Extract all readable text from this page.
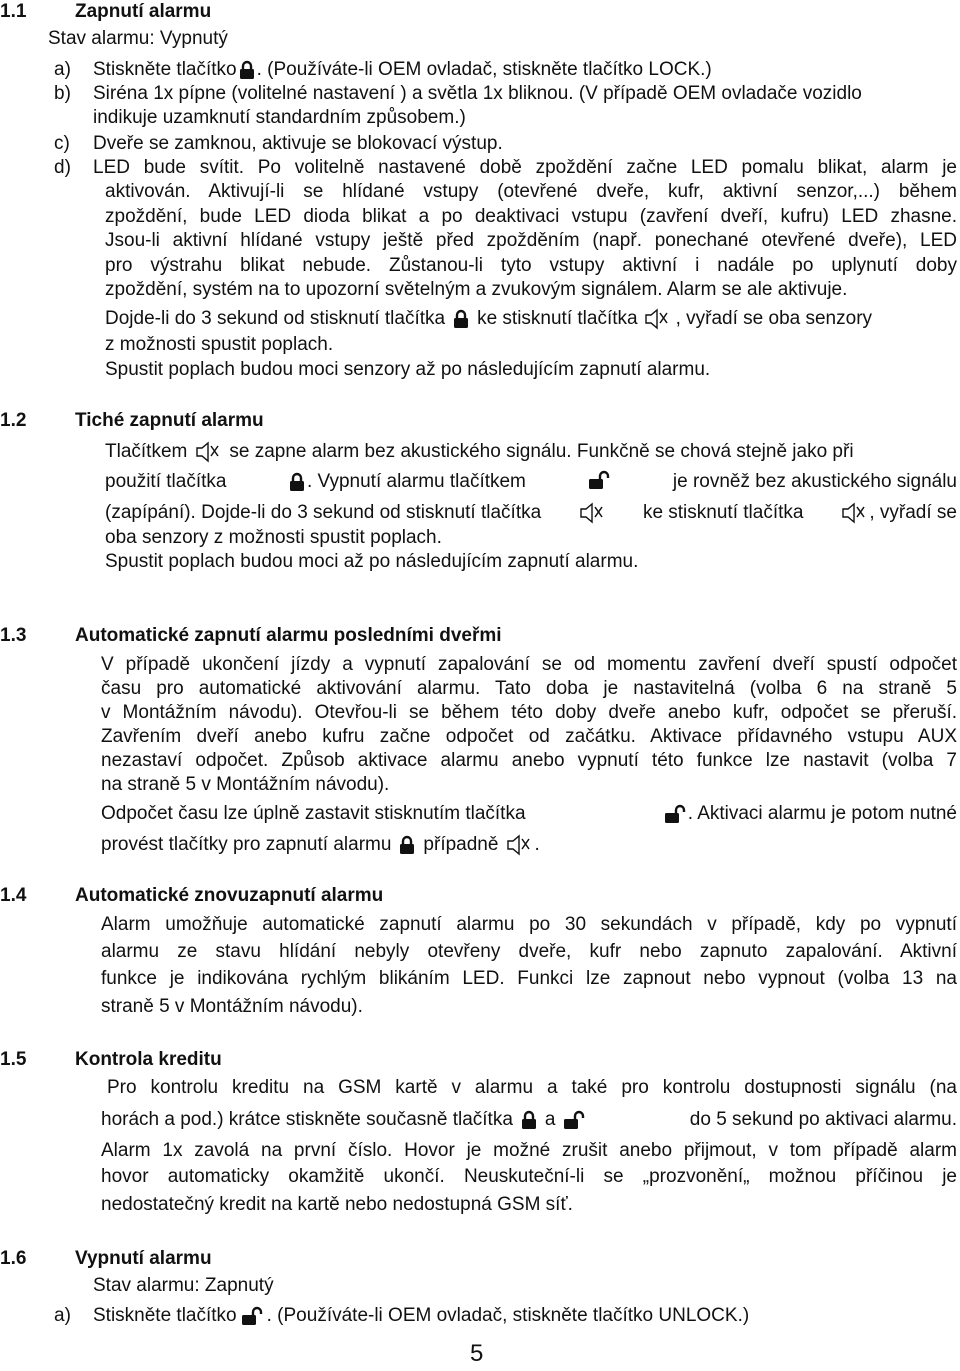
1.1	Zapnutí alarmu
Stav alarmu: Vypnutý
a) Stiskněte tlačítko . (Používáte-li OEM ovladač, stiskněte tlačítko LOCK.)
b) Siréna 1x pípne (volitelné nastavení ) a světla 1x bliknou. (V případě OEM ovladače vozidlo
indikuje uzamknutí standardním způsobem.)
c) Dveře se zamknou, aktivuje se blokovací výstup.
d) LED bude svítit. Po volitelně nastavené době zpoždění začne LED pomalu blikat, alarm je
aktivován. Aktivují-li se hlídané vstupy (otevřené dveře, kufr, aktivní senzor,...) během
zpoždění, bude LED dioda blikat a po deaktivaci vstupu (zavření dveří, kufru) LED zhasne.
Jsou-li aktivní hlídané vstupy ještě před zpožděním (např. ponechané otevřené dveře), LED
pro výstrahu blikat nebude. Zůstanou-li tyto vstupy aktivní i nadále po uplynutí doby
zpoždění, systém na to upozorní světelným a zvukovým signálem. Alarm se ale aktivuje.
Dojde-li do 3 sekund od stisknutí tlačítka ke stisknutí tlačítka , vyřadí se oba senzory
z možnosti spustit poplach.
Spustit poplach budou moci senzory až po následujícím zapnutí alarmu.
1.2	Tiché zapnutí alarmu
Tlačítkem se zapne alarm bez akustického signálu. Funkčně se chová stejně jako při
použití tlačítka	. Vypnutí alarmu tlačítkem	je rovněž bez akustického signálu
(zapípání). Dojde-li do 3 sekund od stisknutí tlačítka	ke stisknutí tlačítka	, vyřadí se
oba senzory z možnosti spustit poplach.
Spustit poplach budou moci až po následujícím zapnutí alarmu.
1.3	Automatické zapnutí alarmu posledními dveřmi
V případě ukončení jízdy a vypnutí zapalování se od momentu zavření dveří spustí odpočet
času pro automatické aktivování alarmu. Tato doba je nastavitelná (volba 6 na straně 5
v Montážním návodu). Otevřou-li se během této doby dveře anebo kufr, odpočet se přeruší.
Zavřením dveří anebo kufru začne odpočet od začátku. Aktivace přídavného vstupu AUX
nezastaví odpočet. Způsob aktivace alarmu anebo vypnutí této funkce lze nastavit (volba 7
na straně 5 v Montážním návodu).
Odpočet času lze úplně zastavit stisknutím tlačítka	. Aktivaci alarmu je potom nutné
provést tlačítky pro zapnutí alarmu případně .
1.4	Automatické znovuzapnutí alarmu
Alarm umožňuje automatické zapnutí alarmu po 30 sekundách v případě, kdy po vypnutí
alarmu ze stavu hlídání nebyly otevřeny dveře, kufr nebo zapnuto zapalování. Aktivní
funkce je indikována rychlým blikáním LED. Funkci lze zapnout nebo vypnout (volba 13 na
straně 5 v Montážním návodu).
1.5	Kontrola kreditu
Pro kontrolu kreditu na GSM kartě v alarmu a také pro kontrolu dostupnosti signálu (na
horách a pod.) krátce stiskněte současně tlačítka a	do 5 sekund po aktivaci alarmu.
Alarm 1x zavolá na první číslo. Hovor je možné zrušit anebo přijmout, v tom případě alarm
hovor automaticky okamžitě ukončí. Neuskuteční-li se „prozvonění„ možnou příčinou je
nedostatečný kredit na kartě nebo nedostupná GSM síť.
1.6	Vypnutí alarmu
Stav alarmu: Zapnutý
a) Stiskněte tlačítko . (Používáte-li OEM ovladač, stiskněte tlačítko UNLOCK.)
5
